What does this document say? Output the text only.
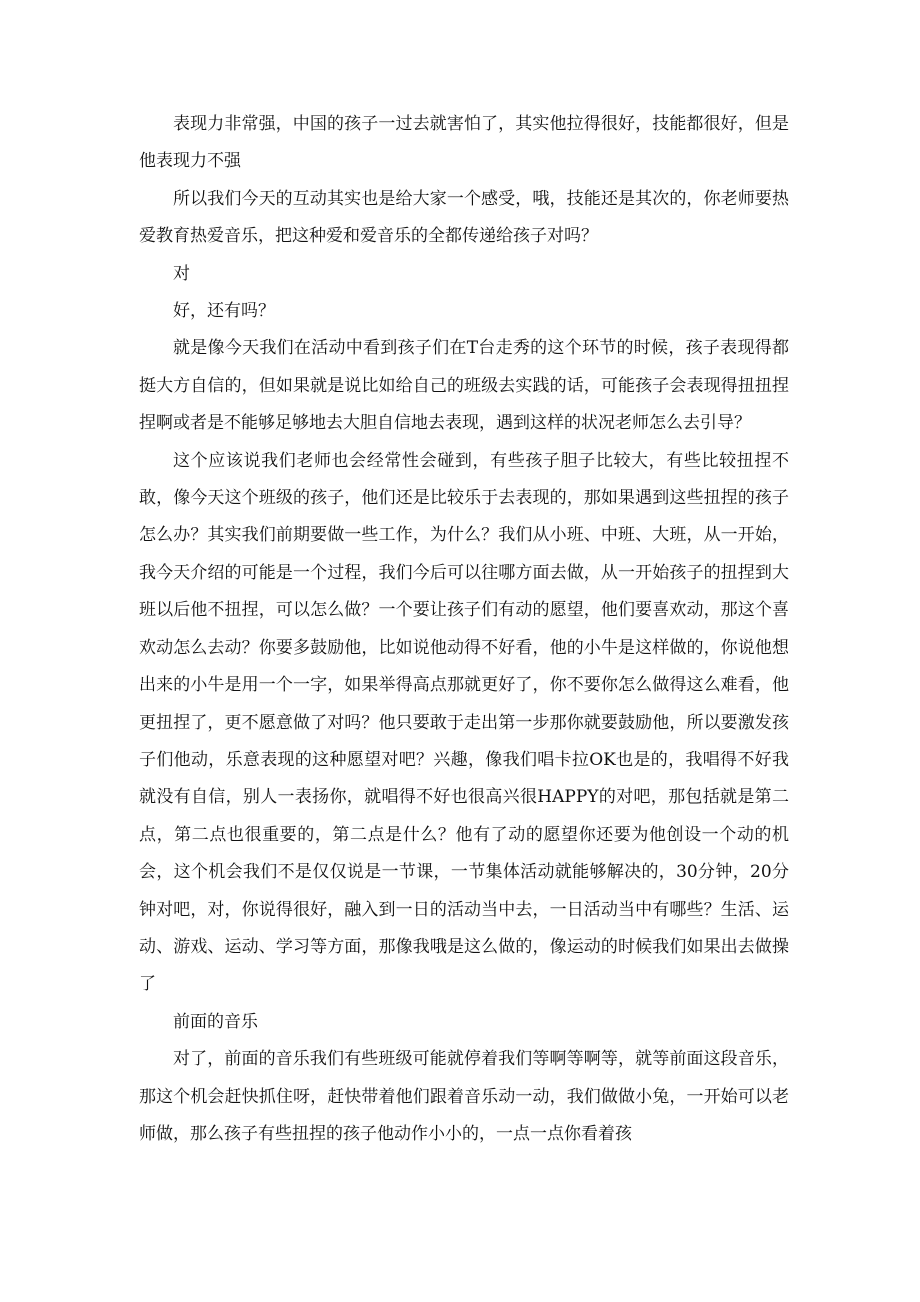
表现力非常强，中国的孩子一过去就害怕了，其实他拉得很好，技能都很好，但是他表现力不强

所以我们今天的互动其实也是给大家一个感受，哦，技能还是其次的，你老师要热爱教育热爱音乐，把这种爱和爱音乐的全都传递给孩子对吗？

对

好，还有吗？

就是像今天我们在活动中看到孩子们在T台走秀的这个环节的时候，孩子表现得都挺大方自信的，但如果就是说比如给自己的班级去实践的话，可能孩子会表现得扭扭捏捏啊或者是不能够足够地去大胆自信地去表现，遇到这样的状况老师怎么去引导？

这个应该说我们老师也会经常性会碰到，有些孩子胆子比较大，有些比较扭捏不敢，像今天这个班级的孩子，他们还是比较乐于去表现的，那如果遇到这些扭捏的孩子怎么办？其实我们前期要做一些工作，为什么？我们从小班、中班、大班，从一开始，我今天介绍的可能是一个过程，我们今后可以往哪方面去做，从一开始孩子的扭捏到大班以后他不扭捏，可以怎么做？一个要让孩子们有动的愿望，他们要喜欢动，那这个喜欢动怎么去动？你要多鼓励他，比如说他动得不好看，他的小牛是这样做的，你说他想出来的小牛是用一个一字，如果举得高点那就更好了，你不要你怎么做得这么难看，他更扭捏了，更不愿意做了对吗？他只要敢于走出第一步那你就要鼓励他，所以要激发孩子们他动，乐意表现的这种愿望对吧？兴趣，像我们唱卡拉OK也是的，我唱得不好我就没有自信，别人一表扬你，就唱得不好也很高兴很HAPPY的对吧，那包括就是第二点，第二点也很重要的，第二点是什么？他有了动的愿望你还要为他创设一个动的机会，这个机会我们不是仅仅说是一节课，一节集体活动就能够解决的，30分钟，20分钟对吧，对，你说得很好，融入到一日的活动当中去，一日活动当中有哪些？生活、运动、游戏、运动、学习等方面，那像我哦是这么做的，像运动的时候我们如果出去做操了

前面的音乐

对了，前面的音乐我们有些班级可能就停着我们等啊等啊等，就等前面这段音乐，那这个机会赶快抓住呀，赶快带着他们跟着音乐动一动，我们做做小兔，一开始可以老师做，那么孩子有些扭捏的孩子他动作小小的，一点一点你看着孩
